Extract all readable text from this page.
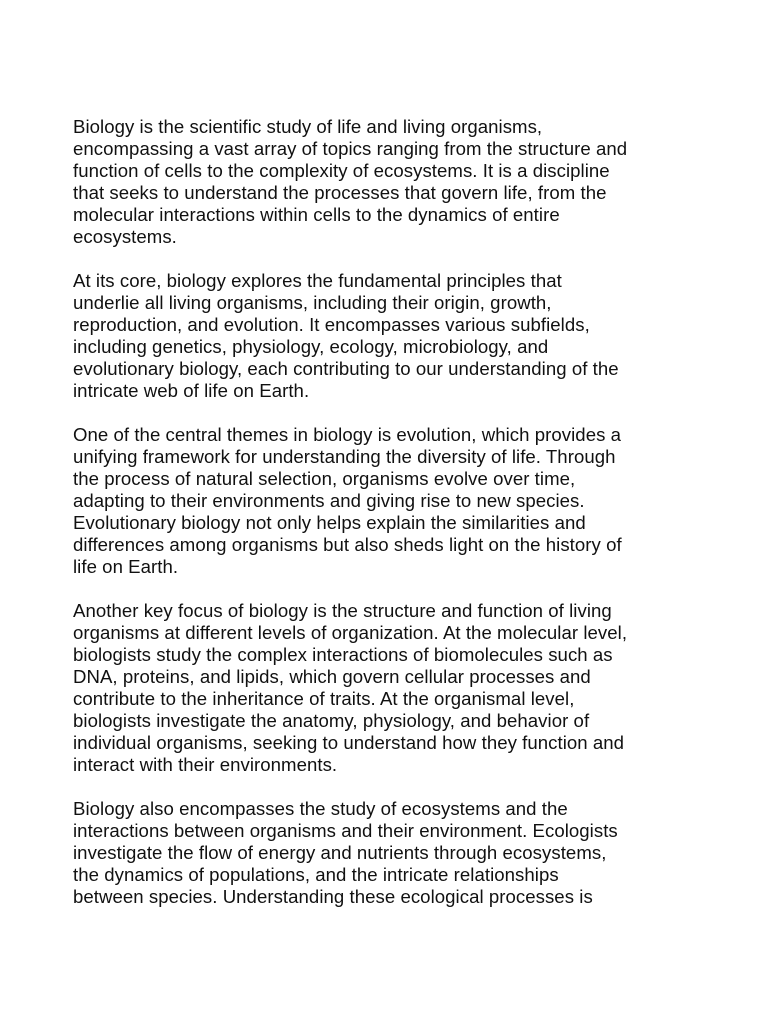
Biology is the scientific study of life and living organisms,
encompassing a vast array of topics ranging from the structure and
function of cells to the complexity of ecosystems. It is a discipline
that seeks to understand the processes that govern life, from the
molecular interactions within cells to the dynamics of entire
ecosystems.

At its core, biology explores the fundamental principles that
underlie all living organisms, including their origin, growth,
reproduction, and evolution. It encompasses various subfields,
including genetics, physiology, ecology, microbiology, and
evolutionary biology, each contributing to our understanding of the
intricate web of life on Earth.

One of the central themes in biology is evolution, which provides a
unifying framework for understanding the diversity of life. Through
the process of natural selection, organisms evolve over time,
adapting to their environments and giving rise to new species.
Evolutionary biology not only helps explain the similarities and
differences among organisms but also sheds light on the history of
life on Earth.

Another key focus of biology is the structure and function of living
organisms at different levels of organization. At the molecular level,
biologists study the complex interactions of biomolecules such as
DNA, proteins, and lipids, which govern cellular processes and
contribute to the inheritance of traits. At the organismal level,
biologists investigate the anatomy, physiology, and behavior of
individual organisms, seeking to understand how they function and
interact with their environments.

Biology also encompasses the study of ecosystems and the
interactions between organisms and their environment. Ecologists
investigate the flow of energy and nutrients through ecosystems,
the dynamics of populations, and the intricate relationships
between species. Understanding these ecological processes is
